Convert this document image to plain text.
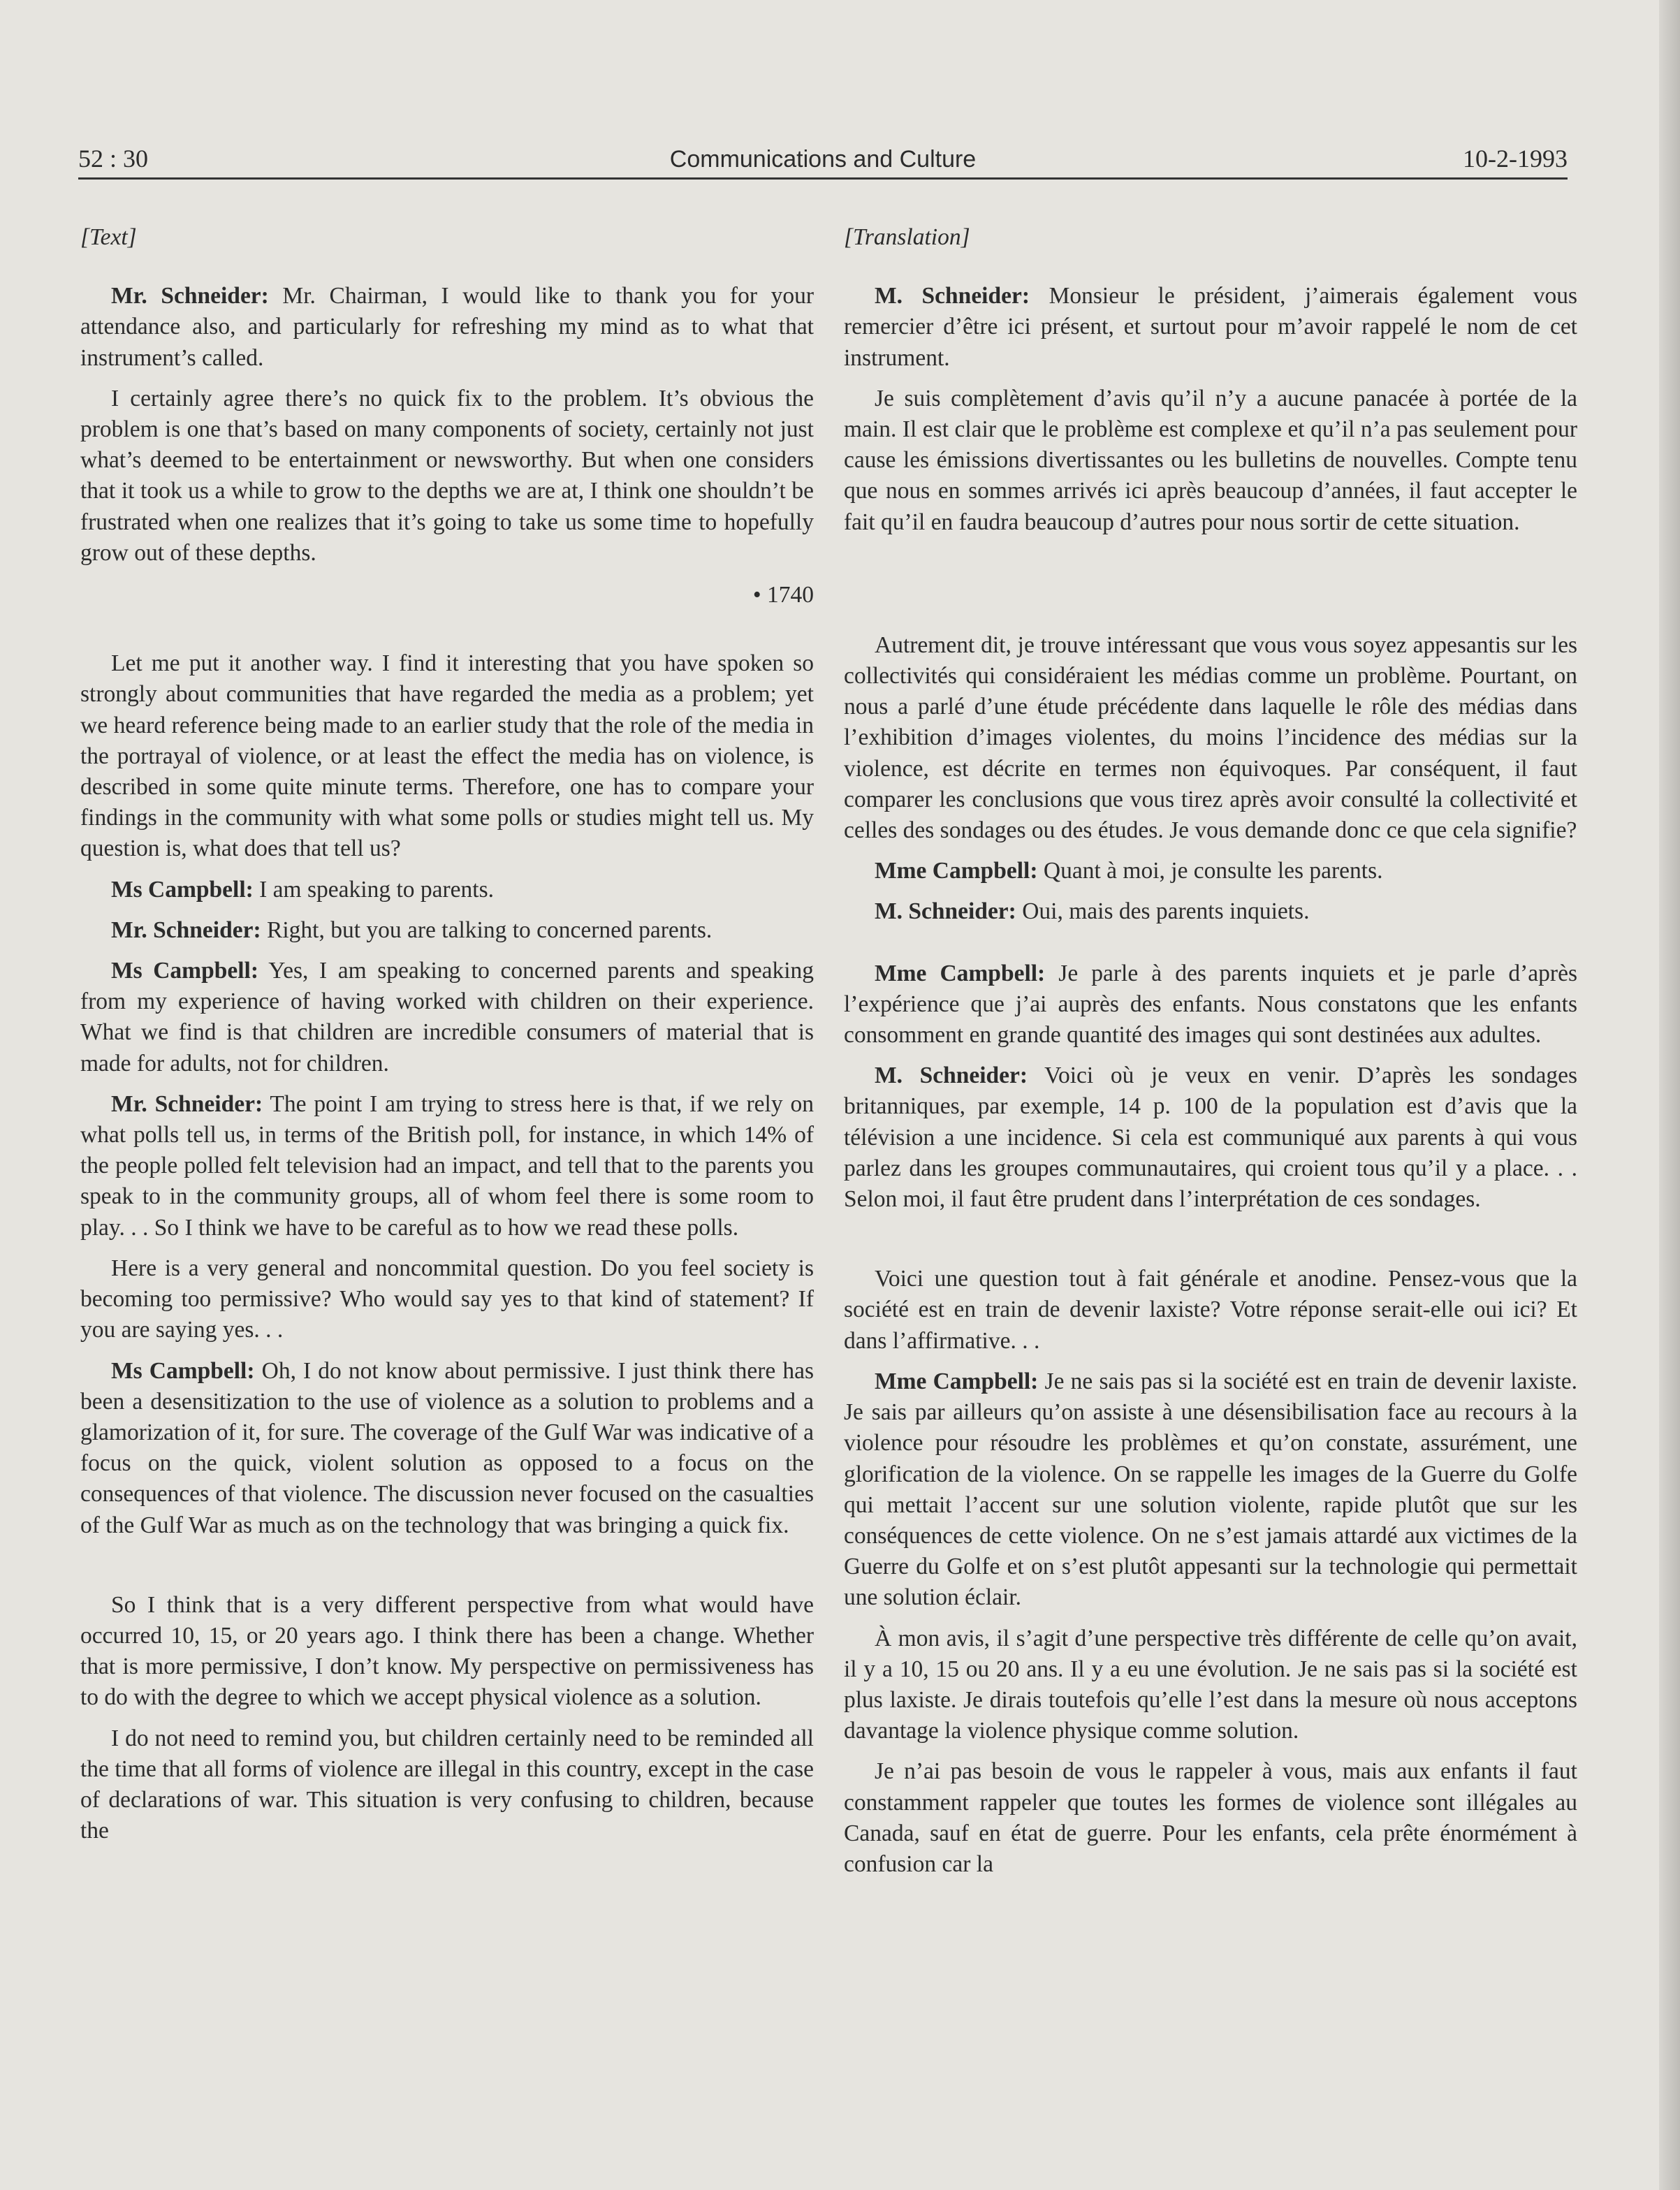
52 : 30	Communications and Culture	10-2-1993

[Text]

Mr. Schneider: Mr. Chairman, I would like to thank you for your attendance also, and particularly for refreshing my mind as to what that instrument’s called.

I certainly agree there’s no quick fix to the problem. It’s obvious the problem is one that’s based on many components of society, certainly not just what’s deemed to be entertainment or newsworthy. But when one considers that it took us a while to grow to the depths we are at, I think one shouldn’t be frustrated when one realizes that it’s going to take us some time to hopefully grow out of these depths.

• 1740

Let me put it another way. I find it interesting that you have spoken so strongly about communities that have regarded the media as a problem; yet we heard reference being made to an earlier study that the role of the media in the portrayal of violence, or at least the effect the media has on violence, is described in some quite minute terms. Therefore, one has to compare your findings in the community with what some polls or studies might tell us. My question is, what does that tell us?

Ms Campbell: I am speaking to parents.

Mr. Schneider: Right, but you are talking to concerned parents.

Ms Campbell: Yes, I am speaking to concerned parents and speaking from my experience of having worked with children on their experience. What we find is that children are incredible consumers of material that is made for adults, not for children.

Mr. Schneider: The point I am trying to stress here is that, if we rely on what polls tell us, in terms of the British poll, for instance, in which 14% of the people polled felt television had an impact, and tell that to the parents you speak to in the community groups, all of whom feel there is some room to play. . . So I think we have to be careful as to how we read these polls.

Here is a very general and noncommital question. Do you feel society is becoming too permissive? Who would say yes to that kind of statement? If you are saying yes. . .

Ms Campbell: Oh, I do not know about permissive. I just think there has been a desensitization to the use of violence as a solution to problems and a glamorization of it, for sure. The coverage of the Gulf War was indicative of a focus on the quick, violent solution as opposed to a focus on the consequences of that violence. The discussion never focused on the casualties of the Gulf War as much as on the technology that was bringing a quick fix.

So I think that is a very different perspective from what would have occurred 10, 15, or 20 years ago. I think there has been a change. Whether that is more permissive, I don’t know. My perspective on permissiveness has to do with the degree to which we accept physical violence as a solution.

I do not need to remind you, but children certainly need to be reminded all the time that all forms of violence are illegal in this country, except in the case of declarations of war. This situation is very confusing to children, because the

[Translation]

M. Schneider: Monsieur le président, j’aimerais également vous remercier d’être ici présent, et surtout pour m’avoir rappelé le nom de cet instrument.

Je suis complètement d’avis qu’il n’y a aucune panacée à portée de la main. Il est clair que le problème est complexe et qu’il n’a pas seulement pour cause les émissions divertissantes ou les bulletins de nouvelles. Compte tenu que nous en sommes arrivés ici après beaucoup d’années, il faut accepter le fait qu’il en faudra beaucoup d’autres pour nous sortir de cette situation.

Autrement dit, je trouve intéressant que vous vous soyez appesantis sur les collectivités qui considéraient les médias comme un problème. Pourtant, on nous a parlé d’une étude précédente dans laquelle le rôle des médias dans l’exhibition d’images violentes, du moins l’incidence des médias sur la violence, est décrite en termes non équivoques. Par conséquent, il faut comparer les conclusions que vous tirez après avoir consulté la collectivité et celles des sondages ou des études. Je vous demande donc ce que cela signifie?

Mme Campbell: Quant à moi, je consulte les parents.

M. Schneider: Oui, mais des parents inquiets.

Mme Campbell: Je parle à des parents inquiets et je parle d’après l’expérience que j’ai auprès des enfants. Nous constatons que les enfants consomment en grande quantité des images qui sont destinées aux adultes.

M. Schneider: Voici où je veux en venir. D’après les sondages britanniques, par exemple, 14 p. 100 de la population est d’avis que la télévision a une incidence. Si cela est communiqué aux parents à qui vous parlez dans les groupes communautaires, qui croient tous qu’il y a place. . . Selon moi, il faut être prudent dans l’interprétation de ces sondages.

Voici une question tout à fait générale et anodine. Pensez-vous que la société est en train de devenir laxiste? Votre réponse serait-elle oui ici? Et dans l’affirmative. . .

Mme Campbell: Je ne sais pas si la société est en train de devenir laxiste. Je sais par ailleurs qu’on assiste à une désensibilisation face au recours à la violence pour résoudre les problèmes et qu’on constate, assurément, une glorification de la violence. On se rappelle les images de la Guerre du Golfe qui mettait l’accent sur une solution violente, rapide plutôt que sur les conséquences de cette violence. On ne s’est jamais attardé aux victimes de la Guerre du Golfe et on s’est plutôt appesanti sur la technologie qui permettait une solution éclair.

À mon avis, il s’agit d’une perspective très différente de celle qu’on avait, il y a 10, 15 ou 20 ans. Il y a eu une évolution. Je ne sais pas si la société est plus laxiste. Je dirais toutefois qu’elle l’est dans la mesure où nous acceptons davantage la violence physique comme solution.

Je n’ai pas besoin de vous le rappeler à vous, mais aux enfants il faut constamment rappeler que toutes les formes de violence sont illégales au Canada, sauf en état de guerre. Pour les enfants, cela prête énormément à confusion car la
